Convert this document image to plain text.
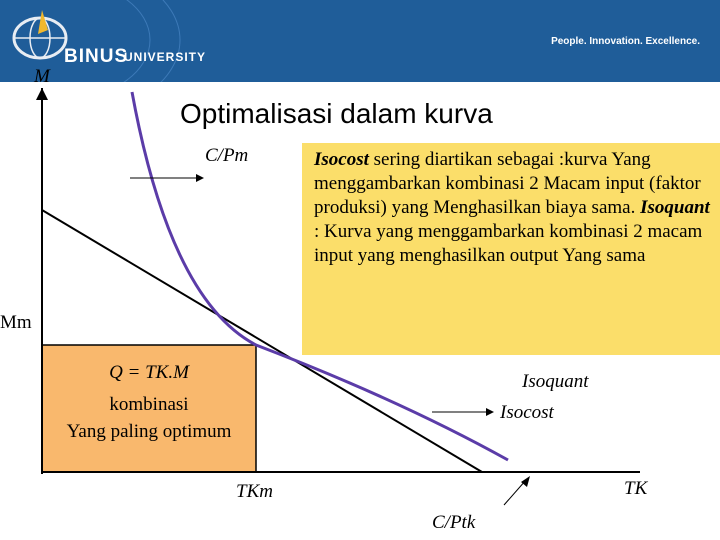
BINUS
UNIVERSITY
People. Innovation. Excellence.
M
Optimalisasi dalam kurva
C/Pm	Isocost sering diartikan sebagai :kurva Yang menggambarkan kombinasi 2 Macam input (faktor produksi) yang Menghasilkan biaya sama. Isoquant : Kurva yang menggambarkan kombinasi 2 macam input yang menghasilkan output Yang sama
Mm
Q = TK.M
kombinasi
Yang paling optimum
Isoquant
Isocost
TKm	TK
C/Ptk
